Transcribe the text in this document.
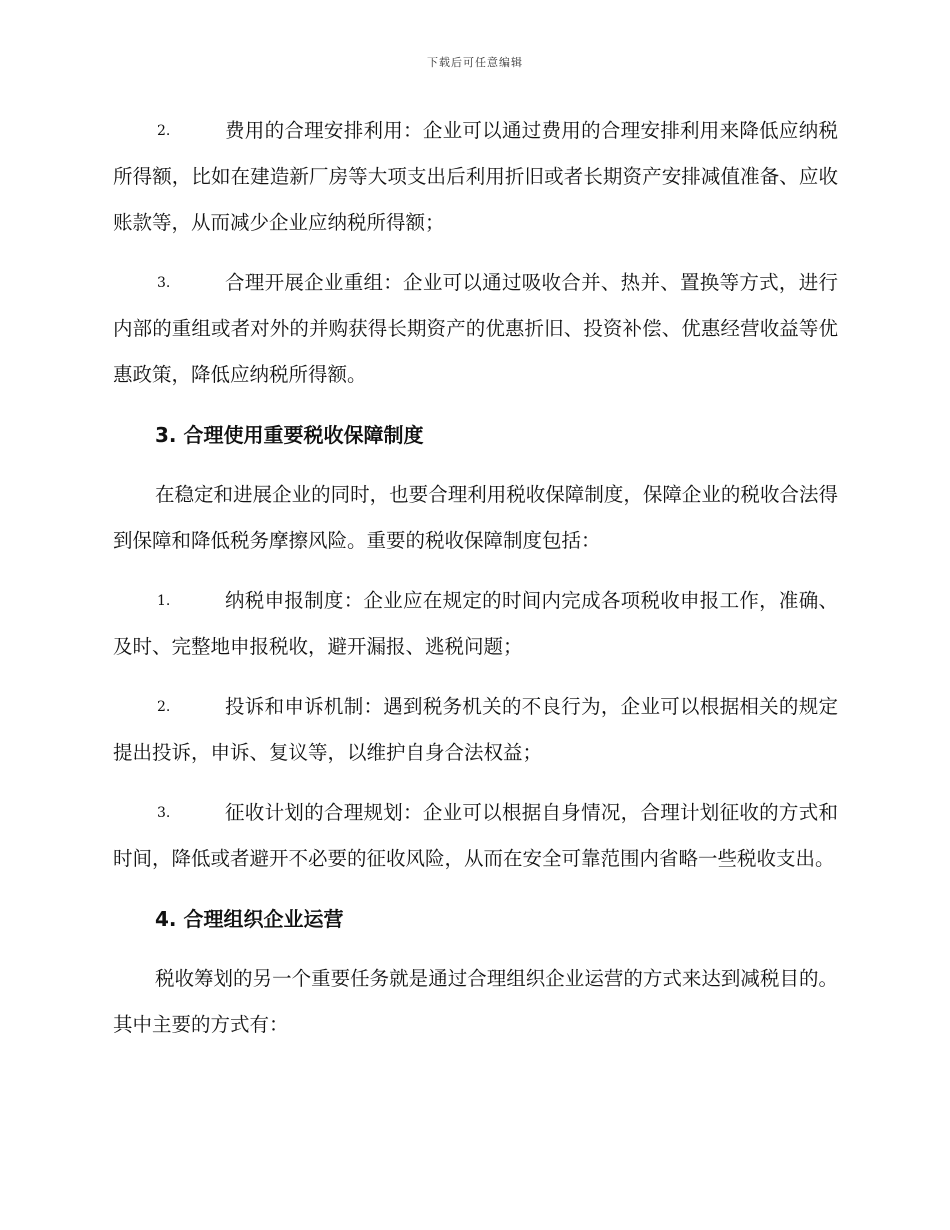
下载后可任意编辑
2.	费用的合理安排利用：企业可以通过费用的合理安排利用来降低应纳税所得额，比如在建造新厂房等大项支出后利用折旧或者长期资产安排减值准备、应收账款等，从而减少企业应纳税所得额；
3.	合理开展企业重组：企业可以通过吸收合并、热并、置换等方式，进行内部的重组或者对外的并购获得长期资产的优惠折旧、投资补偿、优惠经营收益等优惠政策，降低应纳税所得额。
3. 合理使用重要税收保障制度
在稳定和进展企业的同时，也要合理利用税收保障制度，保障企业的税收合法得到保障和降低税务摩擦风险。重要的税收保障制度包括：
1.	纳税申报制度：企业应在规定的时间内完成各项税收申报工作，准确、及时、完整地申报税收，避开漏报、逃税问题；
2.	投诉和申诉机制：遇到税务机关的不良行为，企业可以根据相关的规定提出投诉，申诉、复议等，以维护自身合法权益；
3.	征收计划的合理规划：企业可以根据自身情况，合理计划征收的方式和时间，降低或者避开不必要的征收风险，从而在安全可靠范围内省略一些税收支出。
4. 合理组织企业运营
税收筹划的另一个重要任务就是通过合理组织企业运营的方式来达到减税目的。其中主要的方式有：
